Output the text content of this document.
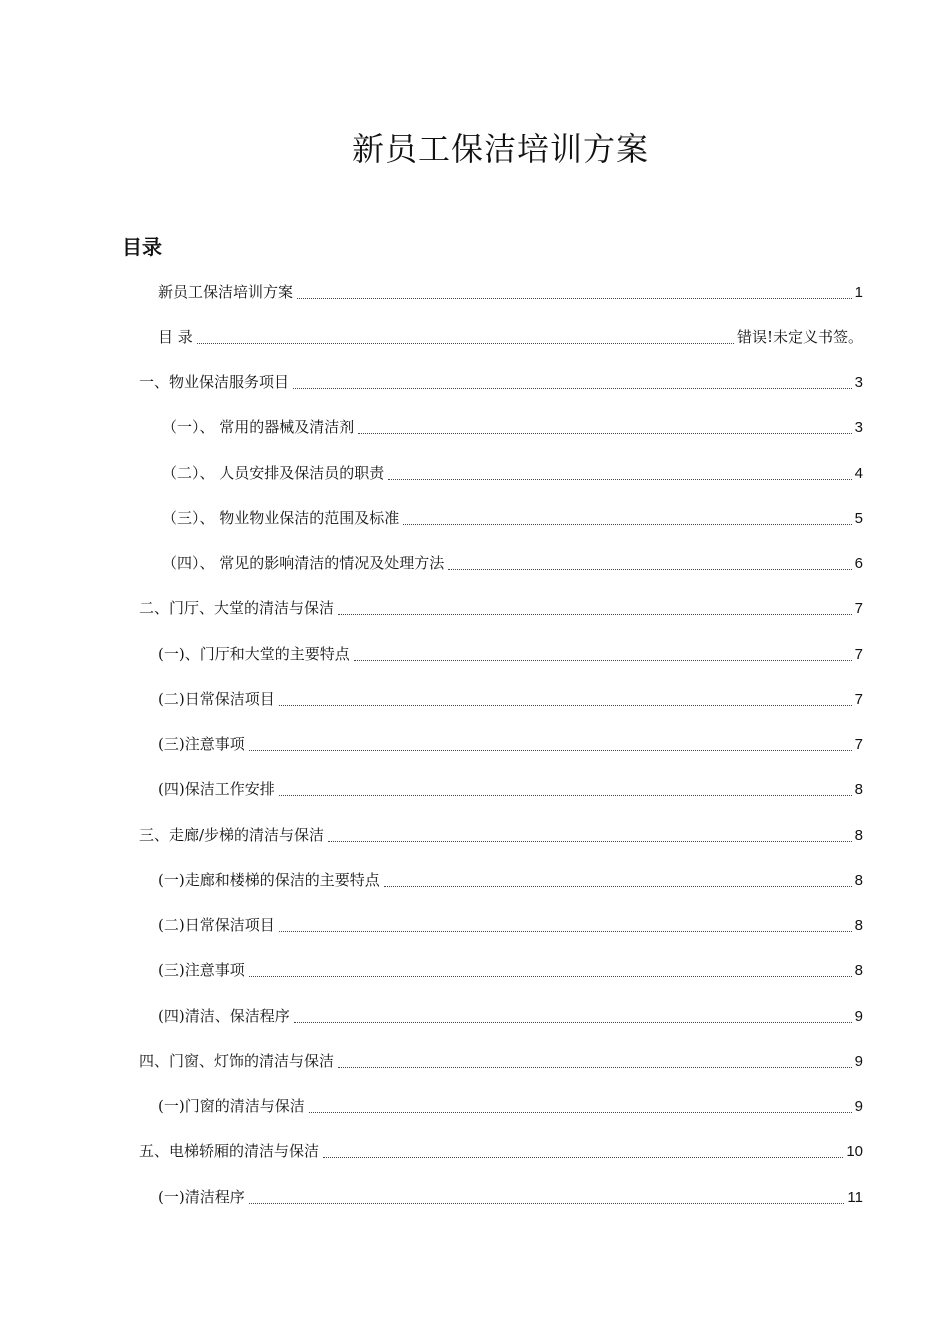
新员工保洁培训方案
目录
新员工保洁培训方案	1
目 录	错误!未定义书签。
一、物业保洁服务项目	3
（一）、 常用的器械及清洁剂	3
（二）、 人员安排及保洁员的职责	4
（三）、 物业物业保洁的范围及标准	5
（四）、 常见的影响清洁的情况及处理方法	6
二、门厅、大堂的清洁与保洁	7
(一)、门厅和大堂的主要特点	7
(二)日常保洁项目	7
(三)注意事项	7
(四)保洁工作安排	8
三、走廊/步梯的清洁与保洁	8
(一)走廊和楼梯的保洁的主要特点	8
(二)日常保洁项目	8
(三)注意事项	8
(四)清洁、保洁程序	9
四、门窗、灯饰的清洁与保洁	9
(一)门窗的清洁与保洁	9
五、电梯轿厢的清洁与保洁	10
(一)清洁程序	11
